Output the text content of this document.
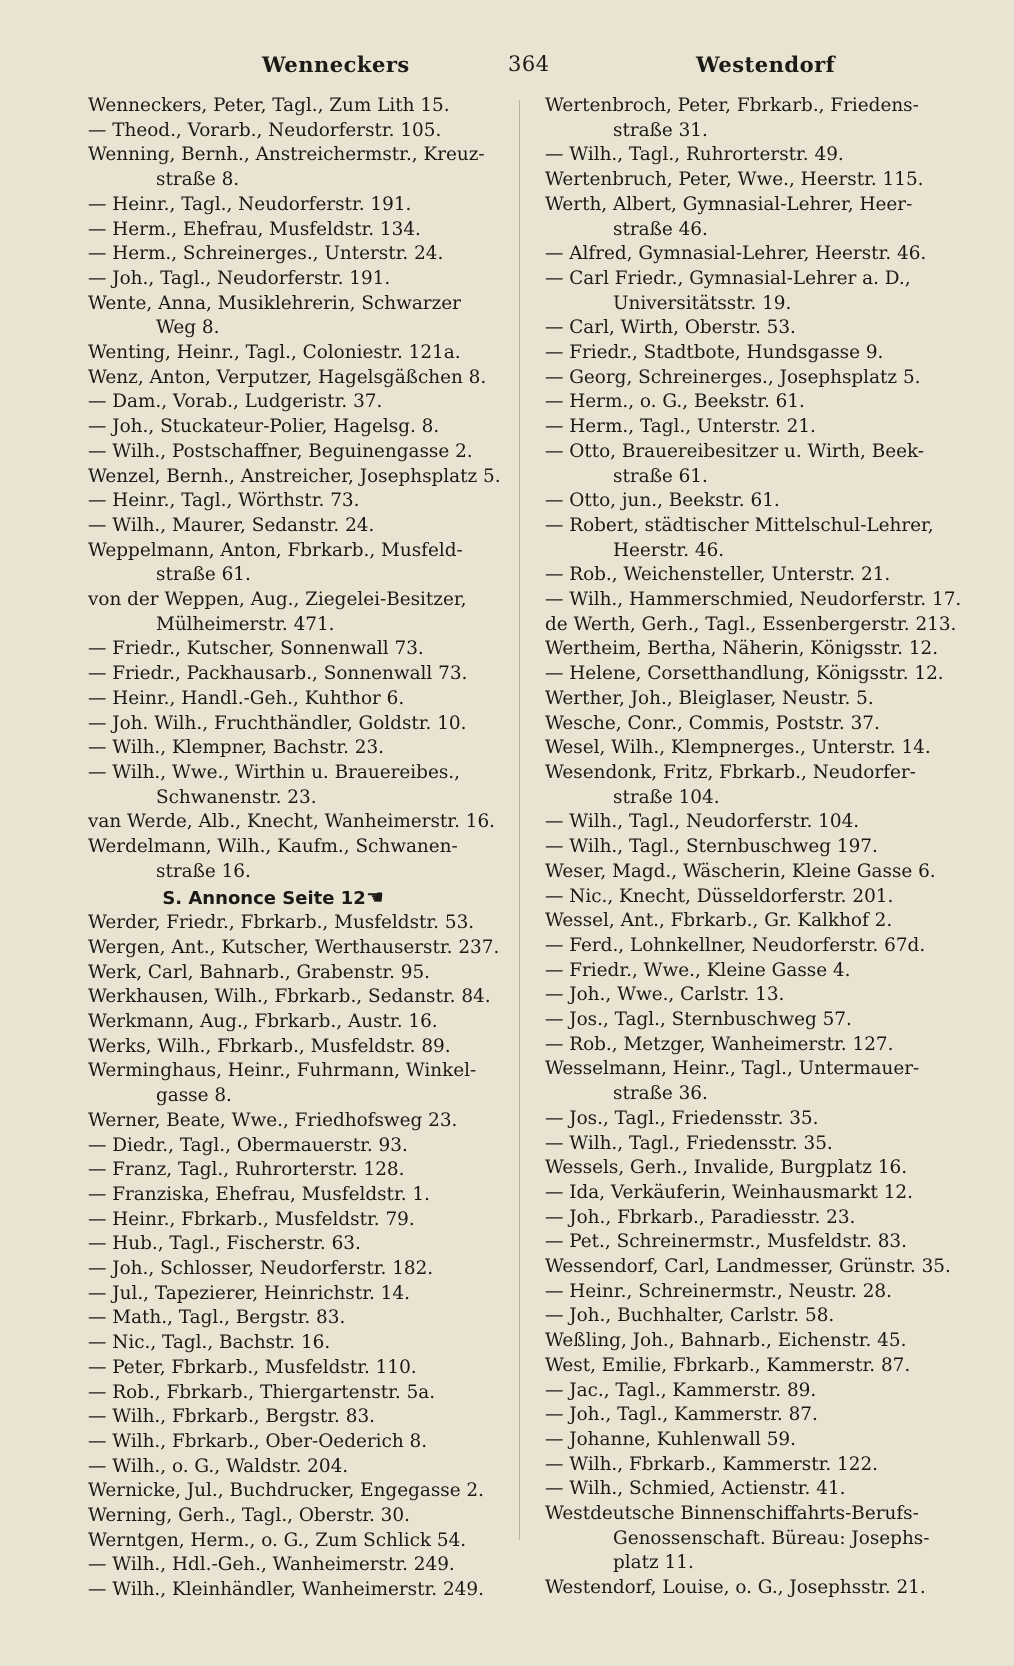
Wenneckers	364	Westendorf
Wenneckers, Peter, Tagl., Zum Lith 15.
— Theod., Vorarb., Neudorferstr. 105.
Wenning, Bernh., Anstreichermstr., Kreuz-
straße 8.
— Heinr., Tagl., Neudorferstr. 191.
— Herm., Ehefrau, Musfeldstr. 134.
— Herm., Schreinerges., Unterstr. 24.
— Joh., Tagl., Neudorferstr. 191.
Wente, Anna, Musiklehrerin, Schwarzer
Weg 8.
Wenting, Heinr., Tagl., Coloniestr. 121a.
Wenz, Anton, Verputzer, Hagelsgäßchen 8.
— Dam., Vorab., Ludgeristr. 37.
— Joh., Stuckateur-Polier, Hagelsg. 8.
— Wilh., Postschaffner, Beguinengasse 2.
Wenzel, Bernh., Anstreicher, Josephsplatz 5.
— Heinr., Tagl., Wörthstr. 73.
— Wilh., Maurer, Sedanstr. 24.
Weppelmann, Anton, Fbrkarb., Musfeld-
straße 61.
von der Weppen, Aug., Ziegelei-Besitzer,
Mülheimerstr. 471.
— Friedr., Kutscher, Sonnenwall 73.
— Friedr., Packhausarb., Sonnenwall 73.
— Heinr., Handl.-Geh., Kuhthor 6.
— Joh. Wilh., Fruchthändler, Goldstr. 10.
— Wilh., Klempner, Bachstr. 23.
— Wilh., Wwe., Wirthin u. Brauereibes.,
Schwanenstr. 23.
van Werde, Alb., Knecht, Wanheimerstr. 16.
Werdelmann, Wilh., Kaufm., Schwanen-
straße 16.
S. Annonce Seite 12☛
Werder, Friedr., Fbrkarb., Musfeldstr. 53.
Wergen, Ant., Kutscher, Werthauserstr. 237.
Werk, Carl, Bahnarb., Grabenstr. 95.
Werkhausen, Wilh., Fbrkarb., Sedanstr. 84.
Werkmann, Aug., Fbrkarb., Austr. 16.
Werks, Wilh., Fbrkarb., Musfeldstr. 89.
Werminghaus, Heinr., Fuhrmann, Winkel-
gasse 8.
Werner, Beate, Wwe., Friedhofsweg 23.
— Diedr., Tagl., Obermauerstr. 93.
— Franz, Tagl., Ruhrorterstr. 128.
— Franziska, Ehefrau, Musfeldstr. 1.
— Heinr., Fbrkarb., Musfeldstr. 79.
— Hub., Tagl., Fischerstr. 63.
— Joh., Schlosser, Neudorferstr. 182.
— Jul., Tapezierer, Heinrichstr. 14.
— Math., Tagl., Bergstr. 83.
— Nic., Tagl., Bachstr. 16.
— Peter, Fbrkarb., Musfeldstr. 110.
— Rob., Fbrkarb., Thiergartenstr. 5a.
— Wilh., Fbrkarb., Bergstr. 83.
— Wilh., Fbrkarb., Ober-Oederich 8.
— Wilh., o. G., Waldstr. 204.
Wernicke, Jul., Buchdrucker, Engegasse 2.
Werning, Gerh., Tagl., Oberstr. 30.
Werntgen, Herm., o. G., Zum Schlick 54.
— Wilh., Hdl.-Geh., Wanheimerstr. 249.
— Wilh., Kleinhändler, Wanheimerstr. 249.
Wertenbroch, Peter, Fbrkarb., Friedens-
straße 31.
— Wilh., Tagl., Ruhrorterstr. 49.
Wertenbruch, Peter, Wwe., Heerstr. 115.
Werth, Albert, Gymnasial-Lehrer, Heer-
straße 46.
— Alfred, Gymnasial-Lehrer, Heerstr. 46.
— Carl Friedr., Gymnasial-Lehrer a. D.,
Universitätsstr. 19.
— Carl, Wirth, Oberstr. 53.
— Friedr., Stadtbote, Hundsgasse 9.
— Georg, Schreinerges., Josephsplatz 5.
— Herm., o. G., Beekstr. 61.
— Herm., Tagl., Unterstr. 21.
— Otto, Brauereibesitzer u. Wirth, Beek-
straße 61.
— Otto, jun., Beekstr. 61.
— Robert, städtischer Mittelschul-Lehrer,
Heerstr. 46.
— Rob., Weichensteller, Unterstr. 21.
— Wilh., Hammerschmied, Neudorferstr. 17.
de Werth, Gerh., Tagl., Essenbergerstr. 213.
Wertheim, Bertha, Näherin, Königsstr. 12.
— Helene, Corsetthandlung, Königsstr. 12.
Werther, Joh., Bleiglaser, Neustr. 5.
Wesche, Conr., Commis, Poststr. 37.
Wesel, Wilh., Klempnerges., Unterstr. 14.
Wesendonk, Fritz, Fbrkarb., Neudorfer-
straße 104.
— Wilh., Tagl., Neudorferstr. 104.
— Wilh., Tagl., Sternbuschweg 197.
Weser, Magd., Wäscherin, Kleine Gasse 6.
— Nic., Knecht, Düsseldorferstr. 201.
Wessel, Ant., Fbrkarb., Gr. Kalkhof 2.
— Ferd., Lohnkellner, Neudorferstr. 67d.
— Friedr., Wwe., Kleine Gasse 4.
— Joh., Wwe., Carlstr. 13.
— Jos., Tagl., Sternbuschweg 57.
— Rob., Metzger, Wanheimerstr. 127.
Wesselmann, Heinr., Tagl., Untermauer-
straße 36.
— Jos., Tagl., Friedensstr. 35.
— Wilh., Tagl., Friedensstr. 35.
Wessels, Gerh., Invalide, Burgplatz 16.
— Ida, Verkäuferin, Weinhausmarkt 12.
— Joh., Fbrkarb., Paradiesstr. 23.
— Pet., Schreinermstr., Musfeldstr. 83.
Wessendorf, Carl, Landmesser, Grünstr. 35.
— Heinr., Schreinermstr., Neustr. 28.
— Joh., Buchhalter, Carlstr. 58.
Weßling, Joh., Bahnarb., Eichenstr. 45.
West, Emilie, Fbrkarb., Kammerstr. 87.
— Jac., Tagl., Kammerstr. 89.
— Joh., Tagl., Kammerstr. 87.
— Johanne, Kuhlenwall 59.
— Wilh., Fbrkarb., Kammerstr. 122.
— Wilh., Schmied, Actienstr. 41.
Westdeutsche Binnenschiffahrts-Berufs-
Genossenschaft. Büreau: Josephs-
platz 11.
Westendorf, Louise, o. G., Josephsstr. 21.
